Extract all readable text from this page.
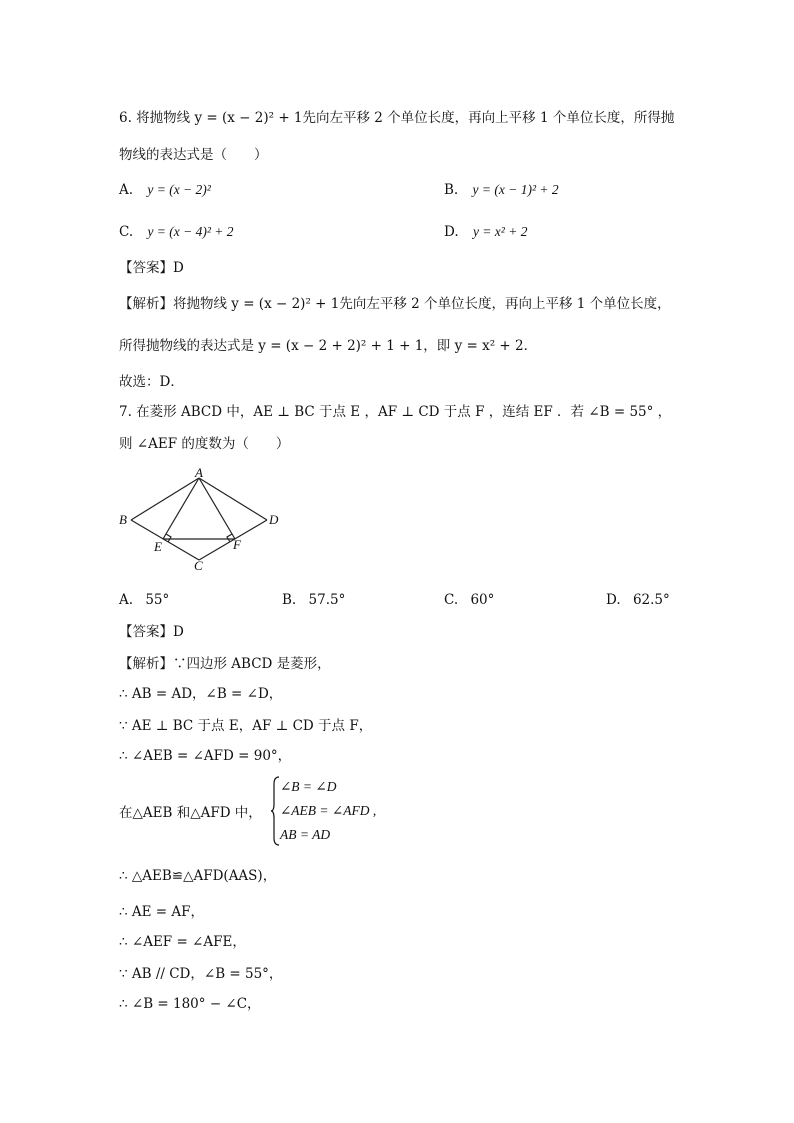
6. 将抛物线 y = (x − 2)² + 1先向左平移 2 个单位长度，再向上平移 1 个单位长度，所得抛
物线的表达式是（　　）
A. y = (x − 2)²	B. y = (x − 1)² + 2
C. y = (x − 4)² + 2	D. y = x² + 2
【答案】D
【解析】将抛物线 y = (x − 2)² + 1先向左平移 2 个单位长度，再向上平移 1 个单位长度，
所得抛物线的表达式是 y = (x − 2 + 2)² + 1 + 1，即 y = x² + 2．
故选：D．
7. 在菱形 ABCD 中，AE ⊥ BC 于点 E ，AF ⊥ CD 于点 F ，连结 EF ．若 ∠B = 55° ，
则 ∠AEF 的度数为（　　）
A
B
C
D
E	F
A. 55°	B. 57.5°	C. 60°	D. 62.5°
【答案】D
【解析】∵四边形 ABCD 是菱形，
∴ AB = AD，∠B = ∠D，
∵ AE ⊥ BC 于点 E，AF ⊥ CD 于点 F，
∴ ∠AEB = ∠AFD = 90°，
在△AEB 和△AFD 中，
∠B = ∠D
∠AEB = ∠AFD ,
AB = AD
∴ △AEB≌△AFD(AAS)，
∴ AE = AF，
∴ ∠AEF = ∠AFE，
∵ AB // CD，∠B = 55°，
∴ ∠B = 180° − ∠C，
